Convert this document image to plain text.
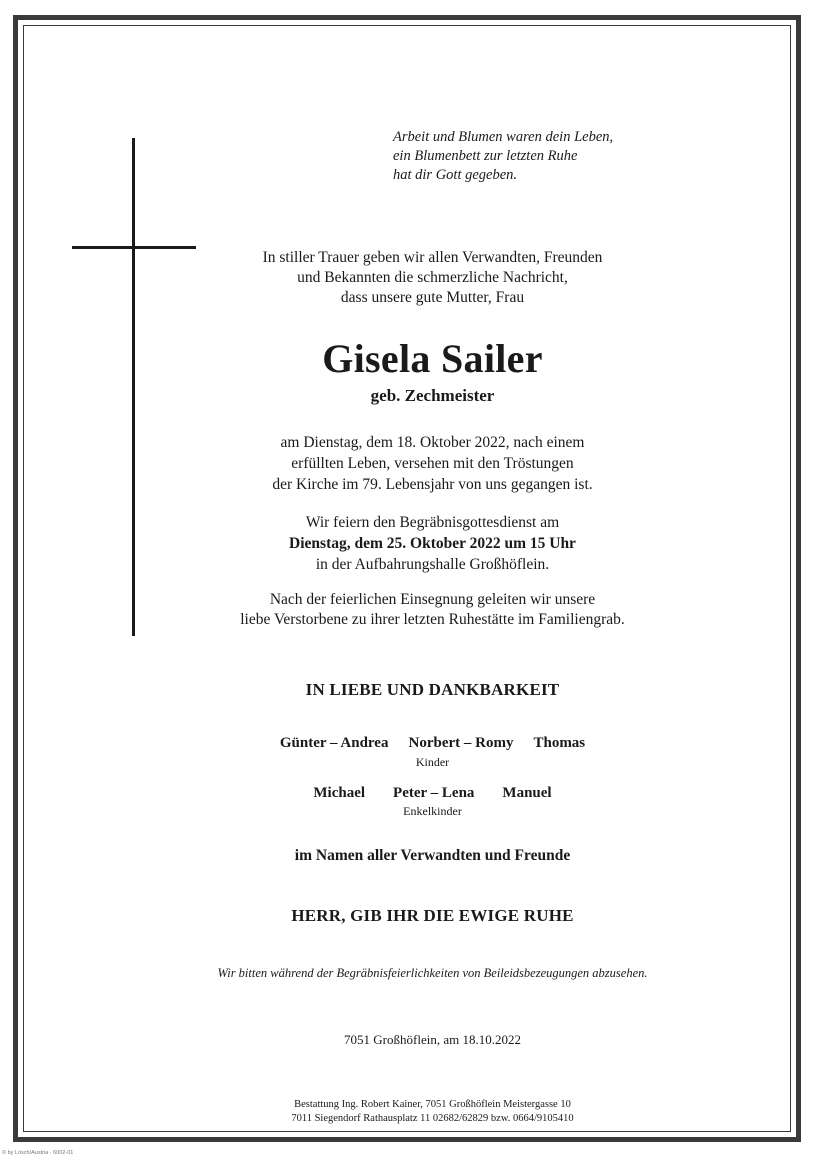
Arbeit und Blumen waren dein Leben,
ein Blumenbett zur letzten Ruhe
hat dir Gott gegeben.
In stiller Trauer geben wir allen Verwandten, Freunden
und Bekannten die schmerzliche Nachricht,
dass unsere gute Mutter, Frau
Gisela Sailer
geb. Zechmeister
am Dienstag, dem 18. Oktober 2022, nach einem
erfüllten Leben, versehen mit den Tröstungen
der Kirche im 79. Lebensjahr von uns gegangen ist.
Wir feiern den Begräbnisgottesdienst am
Dienstag, dem 25. Oktober 2022 um 15 Uhr
in der Aufbahrungshalle Großhöflein.
Nach der feierlichen Einsegnung geleiten wir unsere
liebe Verstorbene zu ihrer letzten Ruhestätte im Familiengrab.
IN LIEBE UND DANKBARKEIT
Günter – Andrea Norbert – Romy Thomas
Kinder
Michael Peter – Lena Manuel
Enkelkinder
im Namen aller Verwandten und Freunde
HERR, GIB IHR DIE EWIGE RUHE
Wir bitten während der Begräbnisfeierlichkeiten von Beileidsbezeugungen abzusehen.
7051 Großhöflein, am 18.10.2022
Bestattung Ing. Robert Kainer, 7051 Großhöflein Meistergasse 10
7011 Siegendorf Rathausplatz 11 02682/62829 bzw. 0664/9105410
© by Lösch/Austria · 6002-01
